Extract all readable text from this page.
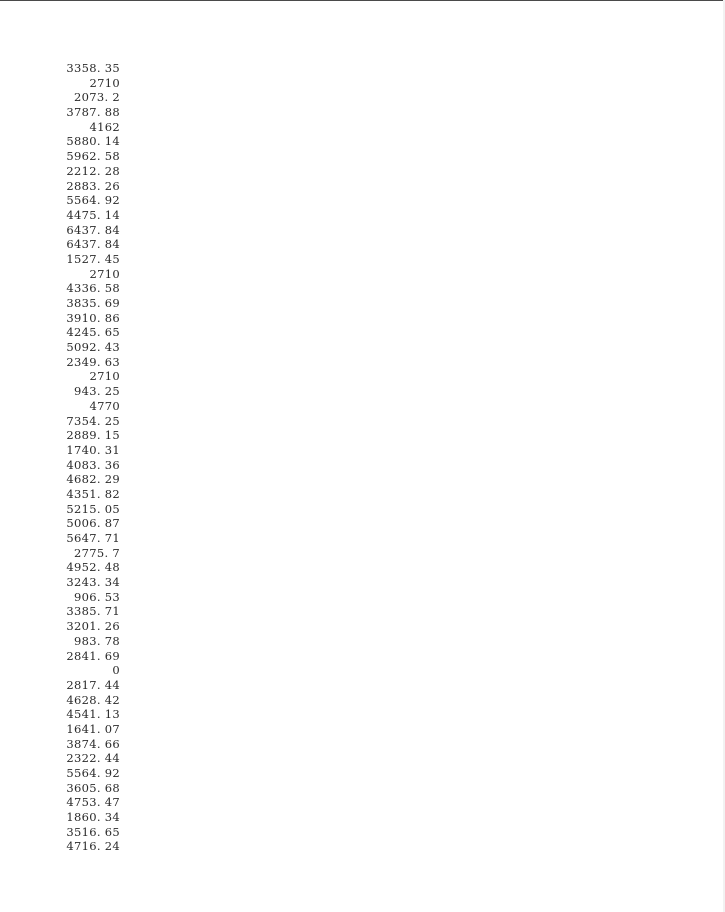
3358. 35
2710
2073. 2
3787. 88
4162
5880. 14
5962. 58
2212. 28
2883. 26
5564. 92
4475. 14
6437. 84
6437. 84
1527. 45
2710
4336. 58
3835. 69
3910. 86
4245. 65
5092. 43
2349. 63
2710
943. 25
4770
7354. 25
2889. 15
1740. 31
4083. 36
4682. 29
4351. 82
5215. 05
5006. 87
5647. 71
2775. 7
4952. 48
3243. 34
906. 53
3385. 71
3201. 26
983. 78
2841. 69
0
2817. 44
4628. 42
4541. 13
1641. 07
3874. 66
2322. 44
5564. 92
3605. 68
4753. 47
1860. 34
3516. 65
4716. 24
